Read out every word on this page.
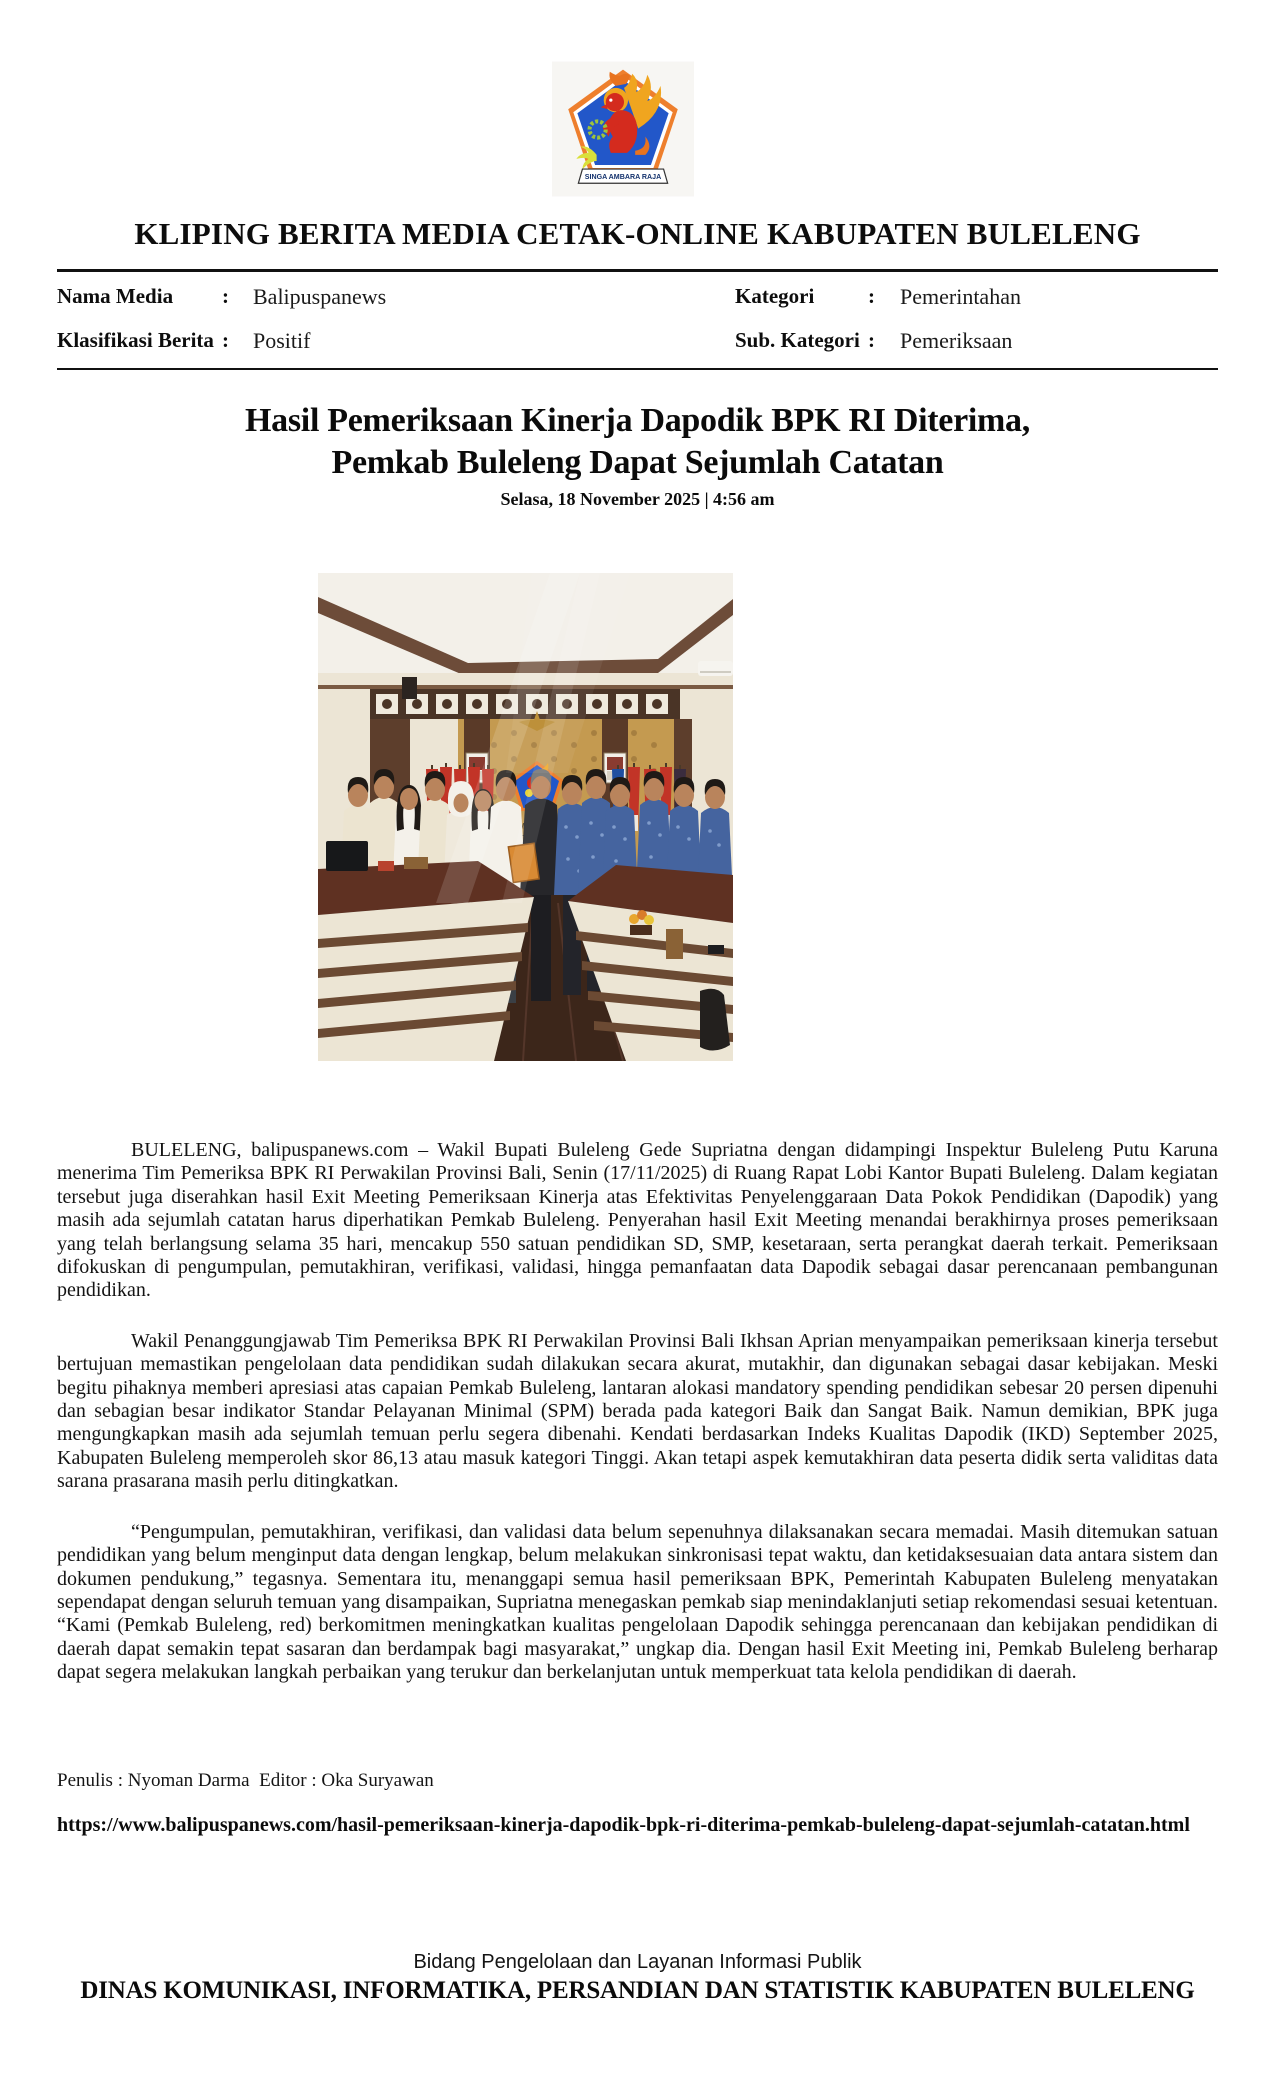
SINGA AMBARA RAJA
KLIPING BERITA MEDIA CETAK-ONLINE KABUPATEN BULELENG
Nama Media : Balipuspanews	Kategori	: Pemerintahan
Klasifikasi Berita : Positif	Sub. Kategori : Pemeriksaan
Hasil Pemeriksaan Kinerja Dapodik BPK RI Diterima,
Pemkab Buleleng Dapat Sejumlah Catatan
Selasa, 18 November 2025 | 4:56 am

BULELENG, balipuspanews.com – Wakil Bupati Buleleng Gede Supriatna dengan didampingi Inspektur Buleleng Putu Karuna menerima Tim Pemeriksa BPK RI Perwakilan Provinsi Bali, Senin (17/11/2025) di Ruang Rapat Lobi Kantor Bupati Buleleng. Dalam kegiatan tersebut juga diserahkan hasil Exit Meeting Pemeriksaan Kinerja atas Efektivitas Penyelenggaraan Data Pokok Pendidikan (Dapodik) yang masih ada sejumlah catatan harus diperhatikan Pemkab Buleleng. Penyerahan hasil Exit Meeting menandai berakhirnya proses pemeriksaan yang telah berlangsung selama 35 hari, mencakup 550 satuan pendidikan SD, SMP, kesetaraan, serta perangkat daerah terkait. Pemeriksaan difokuskan di pengumpulan, pemutakhiran, verifikasi, validasi, hingga pemanfaatan data Dapodik sebagai dasar perencanaan pembangunan pendidikan.

Wakil Penanggungjawab Tim Pemeriksa BPK RI Perwakilan Provinsi Bali Ikhsan Aprian menyampaikan pemeriksaan kinerja tersebut bertujuan memastikan pengelolaan data pendidikan sudah dilakukan secara akurat, mutakhir, dan digunakan sebagai dasar kebijakan. Meski begitu pihaknya memberi apresiasi atas capaian Pemkab Buleleng, lantaran alokasi mandatory spending pendidikan sebesar 20 persen dipenuhi dan sebagian besar indikator Standar Pelayanan Minimal (SPM) berada pada kategori Baik dan Sangat Baik. Namun demikian, BPK juga mengungkapkan masih ada sejumlah temuan perlu segera dibenahi. Kendati berdasarkan Indeks Kualitas Dapodik (IKD) September 2025, Kabupaten Buleleng memperoleh skor 86,13 atau masuk kategori Tinggi. Akan tetapi aspek kemutakhiran data peserta didik serta validitas data sarana prasarana masih perlu ditingkatkan.

“Pengumpulan, pemutakhiran, verifikasi, dan validasi data belum sepenuhnya dilaksanakan secara memadai. Masih ditemukan satuan pendidikan yang belum menginput data dengan lengkap, belum melakukan sinkronisasi tepat waktu, dan ketidaksesuaian data antara sistem dan dokumen pendukung,” tegasnya. Sementara itu, menanggapi semua hasil pemeriksaan BPK, Pemerintah Kabupaten Buleleng menyatakan sependapat dengan seluruh temuan yang disampaikan, Supriatna menegaskan pemkab siap menindaklanjuti setiap rekomendasi sesuai ketentuan. “Kami (Pemkab Buleleng, red) berkomitmen meningkatkan kualitas pengelolaan Dapodik sehingga perencanaan dan kebijakan pendidikan di daerah dapat semakin tepat sasaran dan berdampak bagi masyarakat,” ungkap dia. Dengan hasil Exit Meeting ini, Pemkab Buleleng berharap dapat segera melakukan langkah perbaikan yang terukur dan berkelanjutan untuk memperkuat tata kelola pendidikan di daerah.

Penulis : Nyoman Darma  Editor : Oka Suryawan
https://www.balipuspanews.com/hasil-pemeriksaan-kinerja-dapodik-bpk-ri-diterima-pemkab-buleleng-dapat-sejumlah-catatan.html
Bidang Pengelolaan dan Layanan Informasi Publik
DINAS KOMUNIKASI, INFORMATIKA, PERSANDIAN DAN STATISTIK KABUPATEN BULELENG
